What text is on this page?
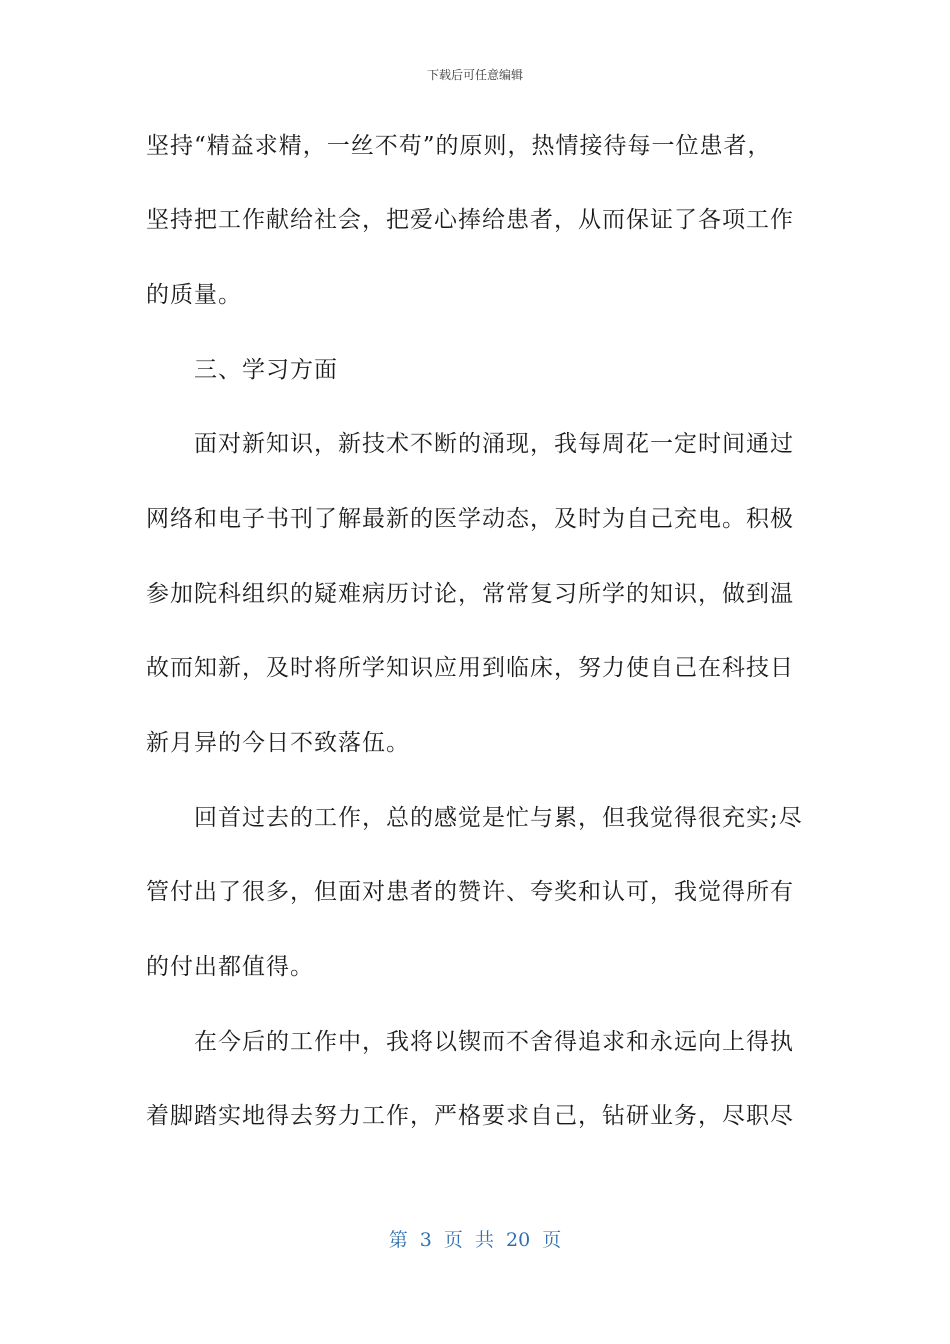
下载后可任意编辑
坚持“精益求精，一丝不苟”的原则，热情接待每一位患者，
坚持把工作献给社会，把爱心捧给患者，从而保证了各项工作
的质量。
　　三、学习方面
　　面对新知识，新技术不断的涌现，我每周花一定时间通过
网络和电子书刊了解最新的医学动态，及时为自己充电。积极
参加院科组织的疑难病历讨论，常常复习所学的知识，做到温
故而知新，及时将所学知识应用到临床，努力使自己在科技日
新月异的今日不致落伍。
　　回首过去的工作，总的感觉是忙与累，但我觉得很充实;尽
管付出了很多，但面对患者的赞许、夸奖和认可，我觉得所有
的付出都值得。
　　在今后的工作中，我将以锲而不舍得追求和永远向上得执
着脚踏实地得去努力工作，严格要求自己，钻研业务，尽职尽
第 3 页 共 20 页
